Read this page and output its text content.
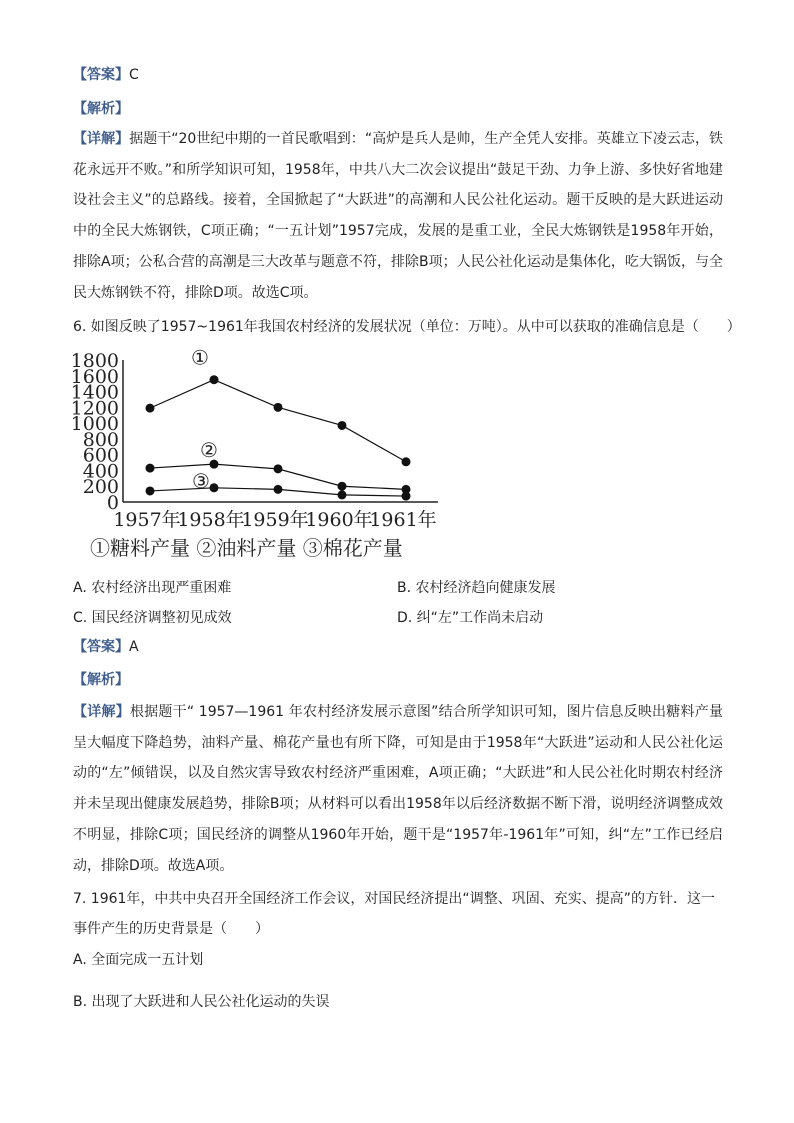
【答案】C
【解析】
【详解】据题干“20世纪中期的一首民歌唱到：“高炉是兵人是帅，生产全凭人安排。英雄立下凌云志，铁花永远开不败。”和所学知识可知，1958年，中共八大二次会议提出“鼓足干劲、力争上游、多快好省地建设社会主义”的总路线。接着，全国掀起了“大跃进”的高潮和人民公社化运动。题干反映的是大跃进运动中的全民大炼钢铁，C项正确；“一五计划”1957完成，发展的是重工业，全民大炼钢铁是1958年开始，排除A项；公私合营的高潮是三大改革与题意不符，排除B项；人民公社化运动是集体化，吃大锅饭，与全民大炼钢铁不符，排除D项。故选C项。
6. 如图反映了1957~1961年我国农村经济的发展状况（单位：万吨）。从中可以获取的准确信息是（　　）
0
200
400
600
800
1000
1200
1400
1600
1800
1957年
1958年
1959年
1960年
1961年
①
②
③
①糖料产量 ②油料产量 ③棉花产量
A. 农村经济出现严重困难	B. 农村经济趋向健康发展
C. 国民经济调整初见成效	D. 纠“左”工作尚未启动
【答案】A
【解析】
【详解】根据题干“ 1957—1961 年农村经济发展示意图”结合所学知识可知，图片信息反映出糖料产量呈大幅度下降趋势，油料产量、棉花产量也有所下降，可知是由于1958年“大跃进”运动和人民公社化运动的“左”倾错误，以及自然灾害导致农村经济严重困难，A项正确；“大跃进”和人民公社化时期农村经济并未呈现出健康发展趋势，排除B项；从材料可以看出1958年以后经济数据不断下滑，说明经济调整成效不明显，排除C项；国民经济的调整从1960年开始，题干是“1957年-1961年”可知，纠“左”工作已经启动，排除D项。故选A项。
7. 1961年，中共中央召开全国经济工作会议，对国民经济提出“调整、巩固、充实、提高”的方针．这一
事件产生的历史背景是（　　）
A. 全面完成一五计划
B. 出现了大跃进和人民公社化运动的失误
